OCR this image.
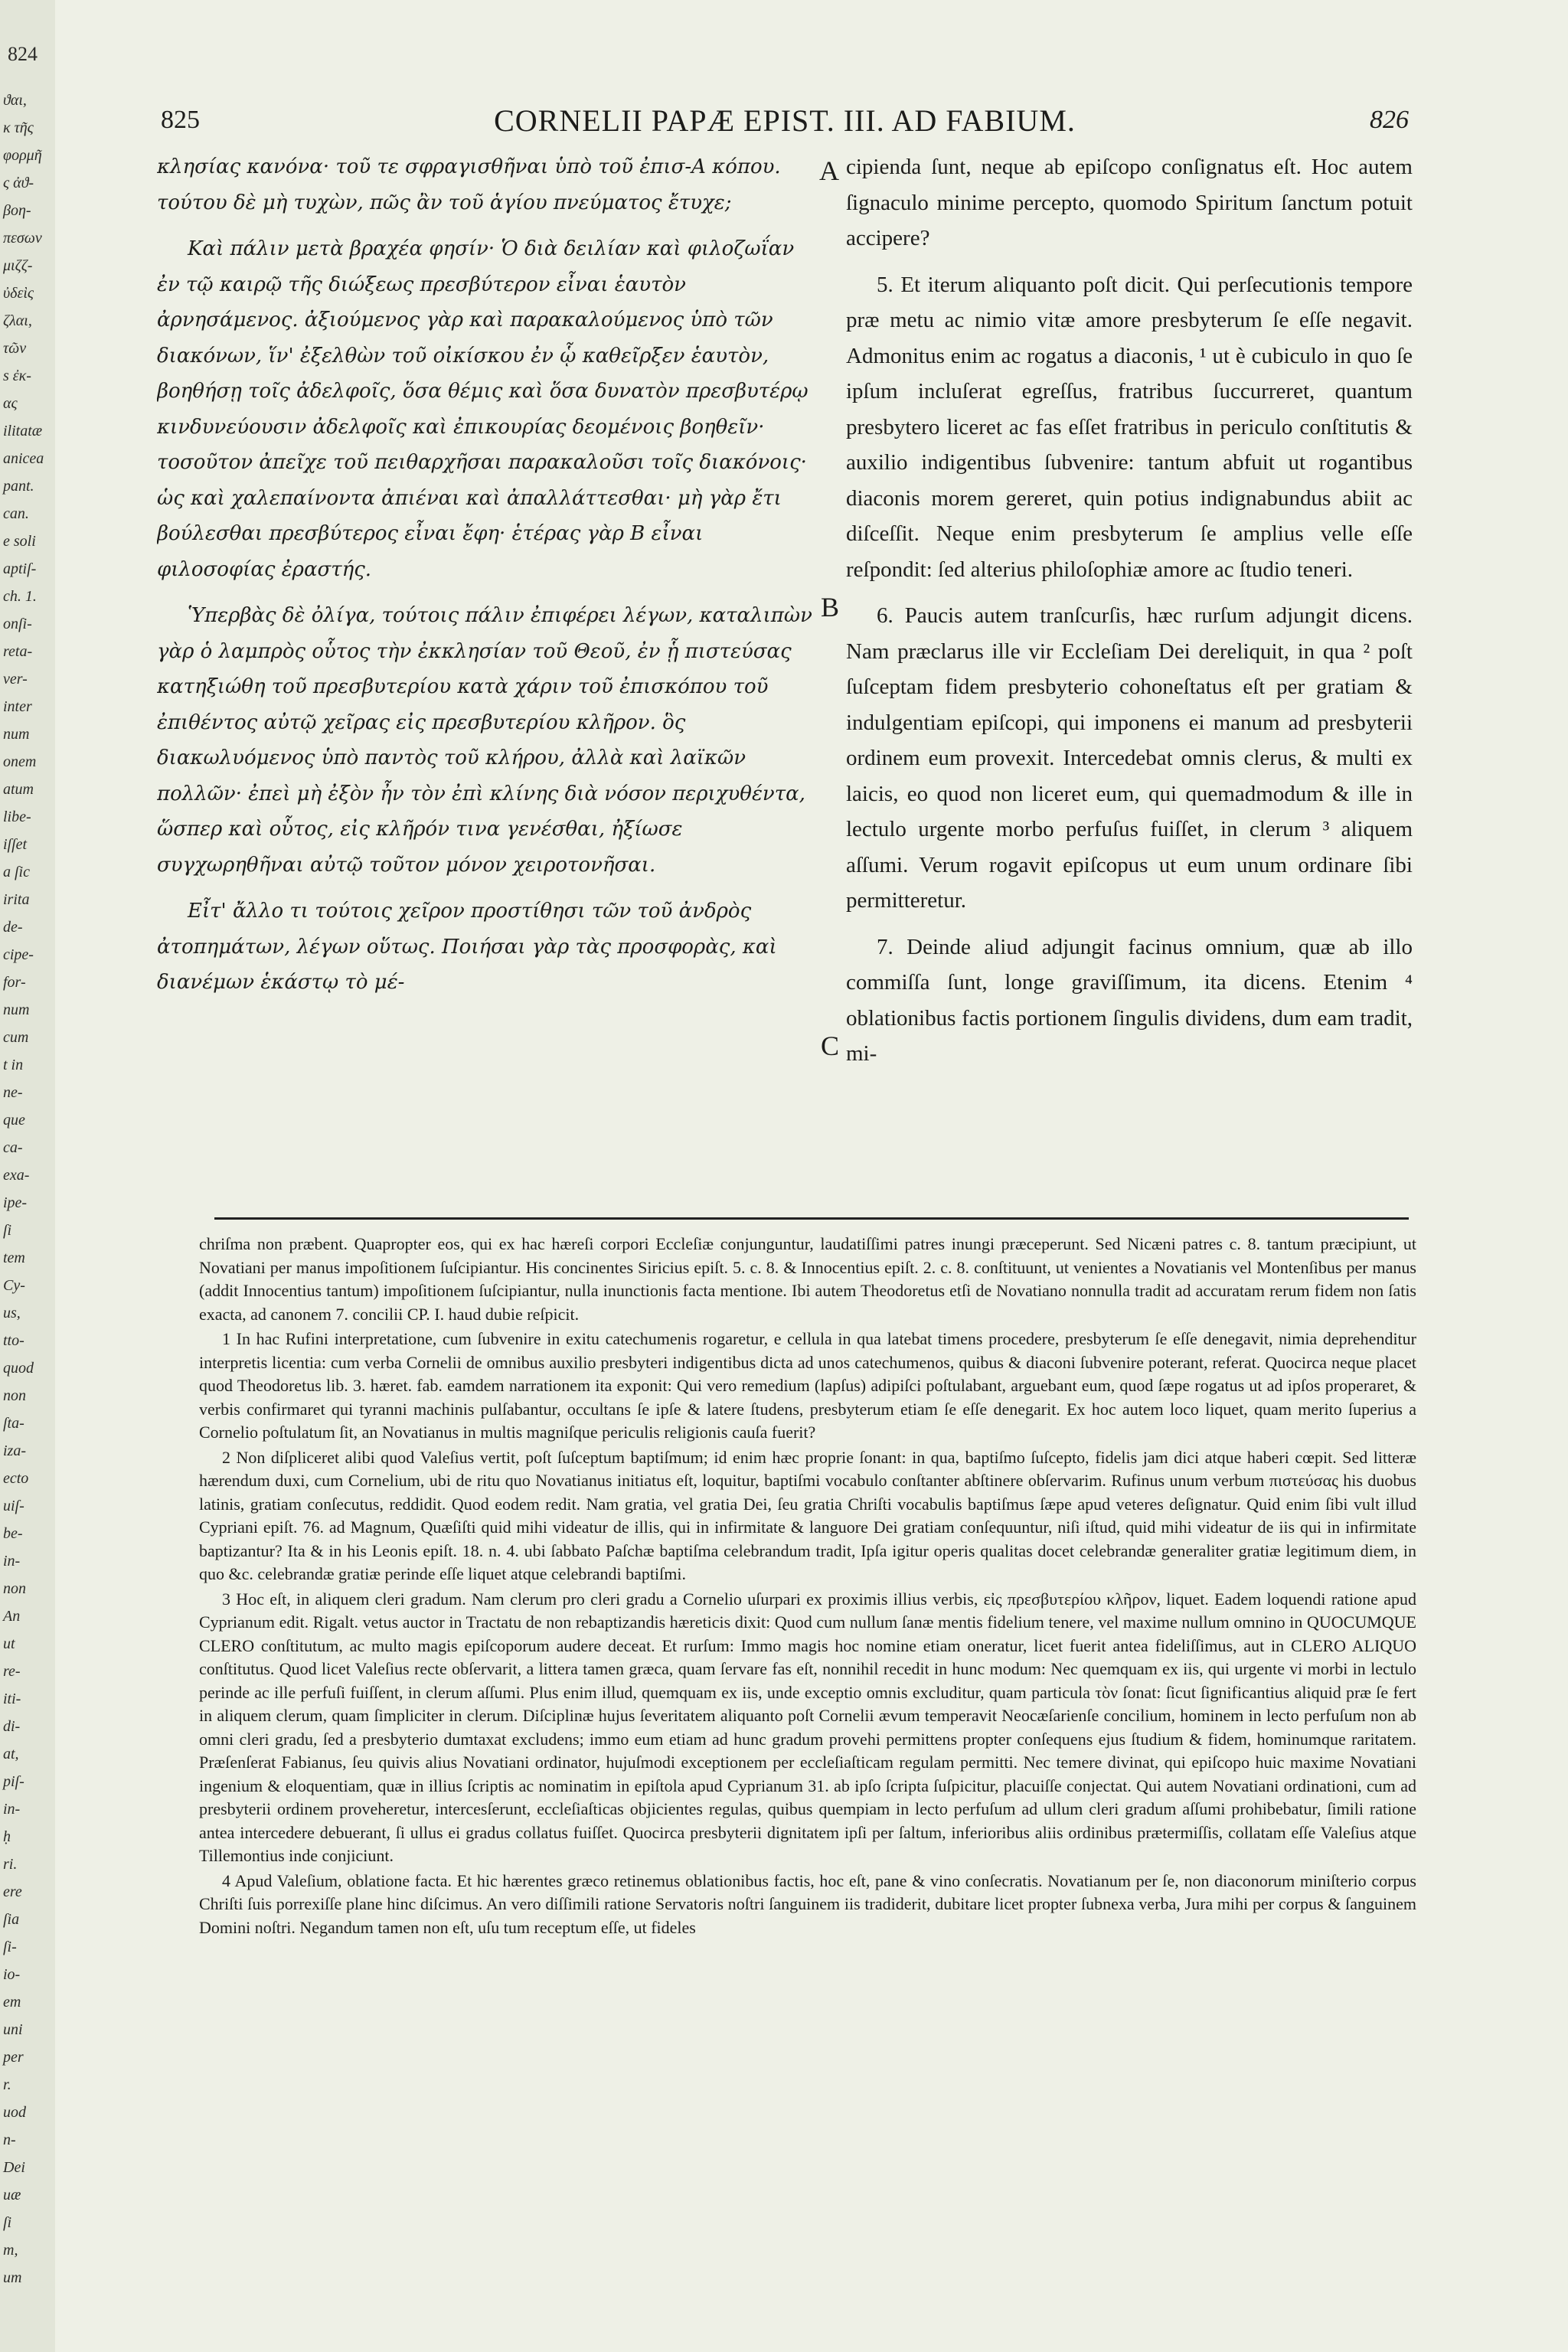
824
ϑαι,
κ τῆς
φορμῆ
ς ἀϑ-
βοη-
πεσων
μιζζ-
ὐδεὶς
ζλαι,
τῶν
s ἐκ-
ας
ilitatæ
aniceа
pant.
can.
e soli
aptiſ-
ch. 1.
onſi-
reta-
ver-
inter
num
onem
atum
libe-
iſſet
a ſic
irita
de-
cipe-
for-
num
cum
t in
ne-
que
ca-
exa-
ipe-
ſi
tem
Cy-
us,
tto-
quod
non
ſta-
iza-
ecto
uiſ-
be-
in-
non
An
ut
re-
iti-
di-
at,
piſ-
in-
ḥ
ri.
ere
ſia
ſi-
io-
em
uni
per
r.
uod
n-
Dei
uæ
ſi
m,
um
825	CORNELII PAPÆ EPIST. III. AD FABIUM.	826

κλησίας κανόνα· τοῦ τε σφραγισθῆναι ὑπὸ τοῦ ἐπισ-A κόπου. τούτου δὲ μὴ τυχὼν, πῶς ἂν τοῦ ἁγίου πνεύματος ἔτυχε;

Καὶ πάλιν μετὰ βραχέα φησίν· Ὁ διὰ δειλίαν καὶ φιλοζωΐαν ἐν τῷ καιρῷ τῆς διώξεως πρεσβύτερον εἶναι ἑαυτὸν ἀρνησάμενος. ἀξιούμενος γὰρ καὶ παρακαλούμενος ὑπὸ τῶν διακόνων, ἵν' ἐξελθὼν τοῦ οἰκίσκου ἐν ᾧ καθεῖρξεν ἑαυτὸν, βοηθήσῃ τοῖς ἀδελφοῖς, ὅσα θέμις καὶ ὅσα δυνατὸν πρεσβυτέρῳ κινδυνεύουσιν ἀδελφοῖς καὶ ἐπικουρίας δεομένοις βοηθεῖν· τοσοῦτον ἀπεῖχε τοῦ πειθαρχῆσαι παρακαλοῦσι τοῖς διακόνοις· ὡς καὶ χαλεπαίνοντα ἀπιέναι καὶ ἀπαλλάττεσθαι· μὴ γὰρ ἔτι βούλεσθαι πρεσβύτερος εἶναι ἔφη· ἑτέρας γὰρ B εἶναι φιλοσοφίας ἐραστής.

Ὑπερβὰς δὲ ὀλίγα, τούτοις πάλιν ἐπιφέρει λέγων, καταλιπὼν γὰρ ὁ λαμπρὸς οὗτος τὴν ἐκκλησίαν τοῦ Θεοῦ, ἐν ᾗ πιστεύσας κατηξιώθη τοῦ πρεσβυτερίου κατὰ χάριν τοῦ ἐπισκόπου τοῦ ἐπιθέντος αὐτῷ χεῖρας εἰς πρεσβυτερίου κλῆρον. ὃς διακωλυόμενος ὑπὸ παντὸς τοῦ κλήρου, ἀλλὰ καὶ λαϊκῶν πολλῶν· ἐπεὶ μὴ ἐξὸν ἦν τὸν ἐπὶ κλίνης διὰ νόσον περιχυθέντα, ὥσπερ καὶ οὗτος, εἰς κλῆρόν τινα γενέσθαι, ἠξίωσε συγχωρηθῆναι αὐτῷ τοῦτον μόνον χειροτονῆσαι.

Εἶτ' ἄλλο τι τούτοις χεῖρον προστίθησι τῶν τοῦ ἀνδρὸς ἀτοπημάτων, λέγων οὕτως. Ποιήσαι γὰρ τὰς προσφορὰς, καὶ διανέμων ἑκάστῳ τὸ μέ-

cipienda ſunt, neque ab epiſcopo conſignatus eſt. Hoc autem ſignaculo minime percepto, quomodo Spiritum ſanctum potuit accipere?

5. Et iterum aliquanto poſt dicit. Qui perſecutionis tempore præ metu ac nimio vitæ amore presbyterum ſe eſſe negavit. Admonitus enim ac rogatus a diaconis, ¹ ut è cubiculo in quo ſe ipſum incluſerat egreſſus, fratribus ſuccurreret, quantum presbytero liceret ac fas eſſet fratribus in periculo conſtitutis & auxilio indigentibus ſubvenire: tantum abfuit ut rogantibus diaconis morem gereret, quin potius indignabundus abiit ac diſceſſit. Neque enim presbyterum ſe amplius velle eſſe reſpondit: ſed alterius philoſophiæ amore ac ſtudio teneri.

6. Paucis autem tranſcurſis, hæc rurſum adjungit dicens. Nam præclarus ille vir Eccleſiam Dei dereliquit, in qua ² poſt ſuſceptam fidem presbyterio cohoneſtatus eſt per gratiam & indulgentiam epiſcopi, qui imponens ei manum ad presbyterii ordinem eum provexit. Intercedebat omnis clerus, & multi ex laicis, eo quod non liceret eum, qui quemadmodum & ille in lectulo urgente morbo perfuſus fuiſſet, in clerum ³ aliquem aſſumi. Verum rogavit epiſcopus ut eum unum ordinare ſibi permitteretur.

7. Deinde aliud adjungit facinus omnium, quæ ab illo commiſſa ſunt, longe graviſſimum, ita dicens. Etenim ⁴ oblationibus factis portionem ſingulis dividens, dum eam tradit, mi-

A
B
C

chriſma non præbent. Quapropter eos, qui ex hac hæreſi corpori Eccleſiæ conjunguntur, laudatiſſimi patres inungi præceperunt. Sed Nicæni patres c. 8. tantum præcipiunt, ut Novatiani per manus impoſitionem ſuſcipiantur. His concinentes Siricius epiſt. 5. c. 8. & Innocentius epiſt. 2. c. 8. conſtituunt, ut venientes a Novatianis vel Montenſibus per manus (addit Innocentius tantum) impoſitionem ſuſcipiantur, nulla inunctionis facta mentione. Ibi autem Theodoretus etſi de Novatiano nonnulla tradit ad accuratam rerum fidem non ſatis exacta, ad canonem 7. concilii CP. I. haud dubie reſpicit.

1 In hac Rufini interpretatione, cum ſubvenire in exitu catechumenis rogaretur, e cellula in qua latebat timens procedere, presbyterum ſe eſſe denegavit, nimia deprehenditur interpretis licentia: cum verba Cornelii de omnibus auxilio presbyteri indigentibus dicta ad unos catechumenos, quibus & diaconi ſubvenire poterant, referat. Quocirca neque placet quod Theodoretus lib. 3. hæret. fab. eamdem narrationem ita exponit: Qui vero remedium (lapſus) adipiſci poſtulabant, arguebant eum, quod ſæpe rogatus ut ad ipſos properaret, & verbis confirmaret qui tyranni machinis pulſabantur, occultans ſe ipſe & latere ſtudens, presbyterum etiam ſe eſſe denegarit. Ex hoc autem loco liquet, quam merito ſuperius a Cornelio poſtulatum ſit, an Novatianus in multis magniſque periculis religionis cauſa fuerit?

2 Non diſpliceret alibi quod Valeſius vertit, poſt ſuſceptum baptiſmum; id enim hæc proprie ſonant: in qua, baptiſmo ſuſcepto, fidelis jam dici atque haberi cœpit. Sed litteræ hærendum duxi, cum Cornelium, ubi de ritu quo Novatianus initiatus eſt, loquitur, baptiſmi vocabulo conſtanter abſtinere obſervarim. Rufinus unum verbum πιστεύσας his duobus latinis, gratiam conſecutus, reddidit. Quod eodem redit. Nam gratia, vel gratia Dei, ſeu gratia Chriſti vocabulis baptiſmus ſæpe apud veteres deſignatur. Quid enim ſibi vult illud Cypriani epiſt. 76. ad Magnum, Quæſiſti quid mihi videatur de illis, qui in infirmitate & languore Dei gratiam conſequuntur, niſi iſtud, quid mihi videatur de iis qui in infirmitate baptizantur? Ita & in his Leonis epiſt. 18. n. 4. ubi ſabbato Paſchæ baptiſma celebrandum tradit, Ipſa igitur operis qualitas docet celebrandæ generaliter gratiæ legitimum diem, in quo &c. celebrandæ gratiæ perinde eſſe liquet atque celebrandi baptiſmi.

3 Hoc eſt, in aliquem cleri gradum. Nam clerum pro cleri gradu a Cornelio uſurpari ex proximis illius verbis, εἰς πρεσβυτερίου κλῆρον, liquet. Eadem loquendi ratione apud Cyprianum edit. Rigalt. vetus auctor in Tractatu de non rebaptizandis hæreticis dixit: Quod cum nullum ſanæ mentis fidelium tenere, vel maxime nullum omnino in QUOCUMQUE CLERO conſtitutum, ac multo magis epiſcoporum audere deceat. Et rurſum: Immo magis hoc nomine etiam oneratur, licet fuerit antea fideliſſimus, aut in CLERO ALIQUO conſtitutus. Quod licet Valeſius recte obſervarit, a littera tamen græca, quam ſervare fas eſt, nonnihil recedit in hunc modum: Nec quemquam ex iis, qui urgente vi morbi in lectulo perinde ac ille perfuſi fuiſſent, in clerum aſſumi. Plus enim illud, quemquam ex iis, unde exceptio omnis excluditur, quam particula τὸν ſonat: ſicut ſignificantius aliquid præ ſe fert in aliquem clerum, quam ſimpliciter in clerum. Diſciplinæ hujus ſeveritatem aliquanto poſt Cornelii ævum temperavit Neocæſarienſe concilium, hominem in lecto perfuſum non ab omni cleri gradu, ſed a presbyterio dumtaxat excludens; immo eum etiam ad hunc gradum provehi permittens propter conſequens ejus ſtudium & fidem, hominumque raritatem. Præſenſerat Fabianus, ſeu quivis alius Novatiani ordinator, hujuſmodi exceptionem per eccleſiaſticam regulam permitti. Nec temere divinat, qui epiſcopo huic maxime Novatiani ingenium & eloquentiam, quæ in illius ſcriptis ac nominatim in epiſtola apud Cyprianum 31. ab ipſo ſcripta ſuſpicitur, placuiſſe conjectat. Qui autem Novatiani ordinationi, cum ad presbyterii ordinem proveheretur, intercesſerunt, eccleſiaſticas objicientes regulas, quibus quempiam in lecto perfuſum ad ullum cleri gradum aſſumi prohibebatur, ſimili ratione antea intercedere debuerant, ſi ullus ei gradus collatus fuiſſet. Quocirca presbyterii dignitatem ipſi per ſaltum, inferioribus aliis ordinibus prætermiſſis, collatam eſſe Valeſius atque Tillemontius inde conjiciunt.

4 Apud Valeſium, oblatione facta. Et hic hærentes græco retinemus oblationibus factis, hoc eſt, pane & vino conſecratis. Novatianum per ſe, non diaconorum miniſterio corpus Chriſti ſuis porrexiſſe plane hinc diſcimus. An vero diſſimili ratione Servatoris noſtri ſanguinem iis tradiderit, dubitare licet propter ſubnexa verba, Jura mihi per corpus & ſanguinem Domini noſtri. Negandum tamen non eſt, uſu tum receptum eſſe, ut fideles
